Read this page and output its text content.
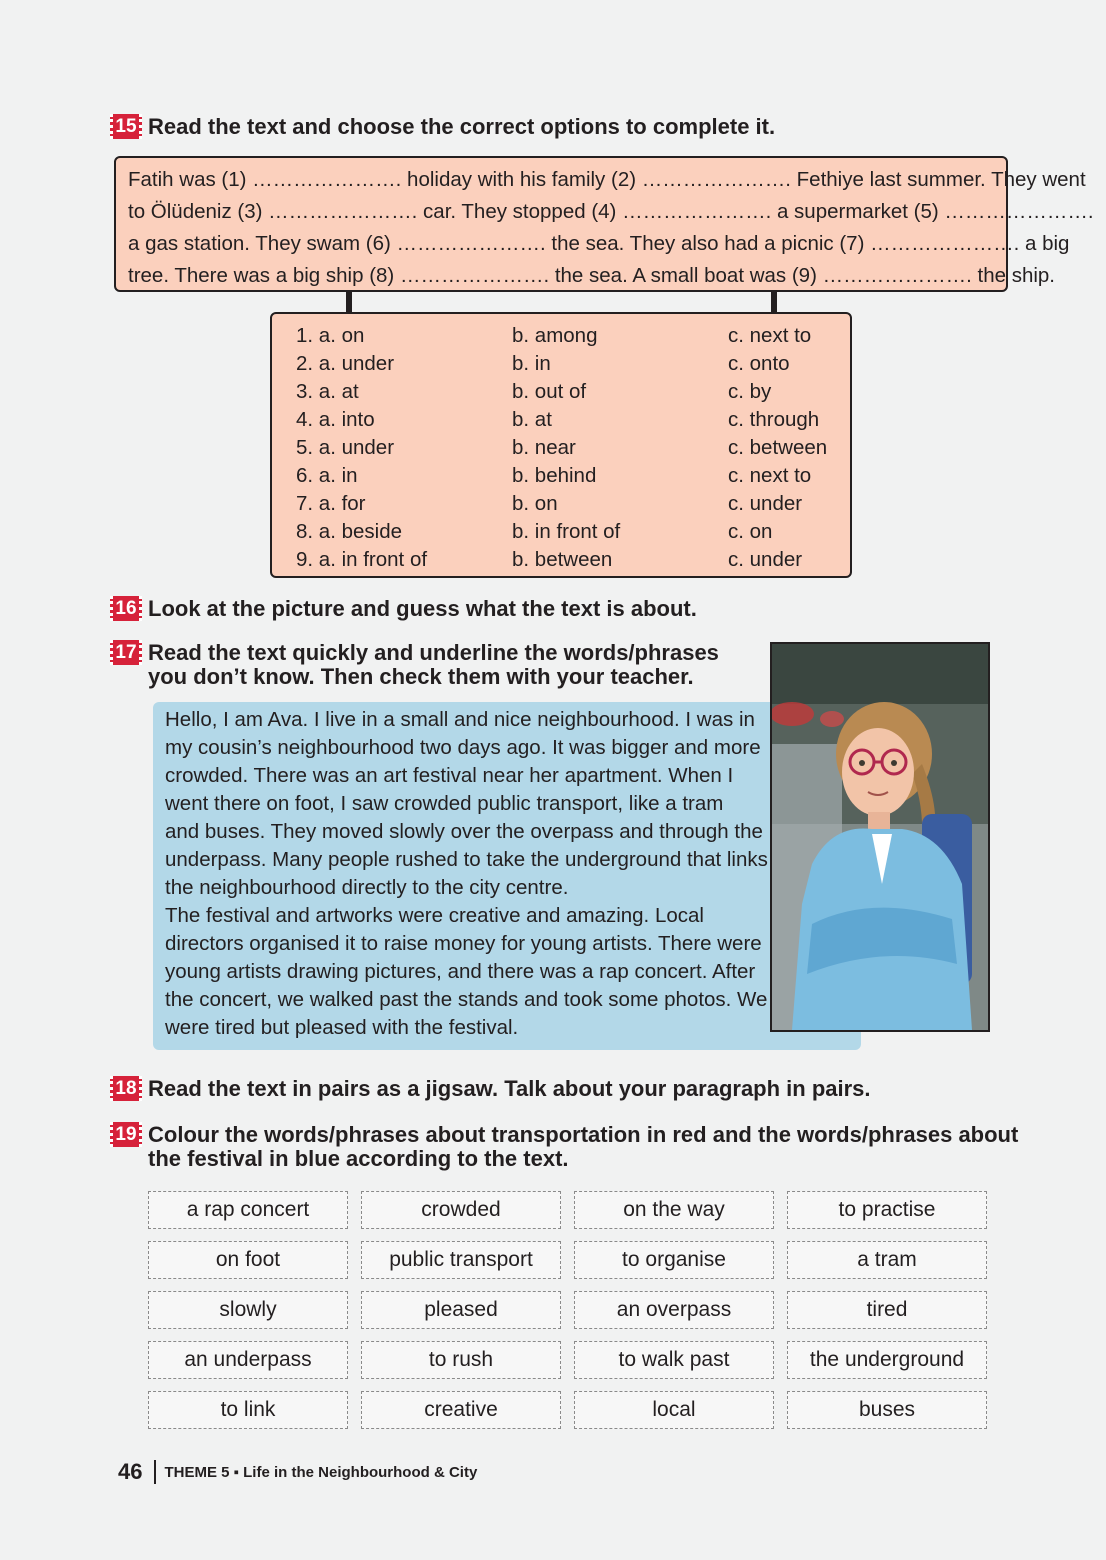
15 Read the text and choose the correct options to complete it.
Fatih was (1) …………………. holiday with his family (2) …………………. Fethiye last summer. They went
to Ölüdeniz (3) …………………. car. They stopped (4) …………………. a supermarket (5) ………………….
a gas station. They swam (6) …………………. the sea. They also had a picnic (7) …………………. a big
tree. There was a big ship (8) …………………. the sea. A small boat was (9) …………………. the ship.
1. a. on	b. among	c. next to
2. a. under	b. in	c. onto
3. a. at	b. out of	c. by
4. a. into	b. at	c. through
5. a. under	b. near	c. between
6. a. in	b. behind	c. next to
7. a. for	b. on	c. under
8. a. beside	b. in front of	c. on
9. a. in front of	b. between	c. under
16 Look at the picture and guess what the text is about.
17 Read the text quickly and underline the words/phrases
you don’t know. Then check them with your teacher.
Hello, I am Ava. I live in a small and nice neighbourhood. I was in
my cousin’s neighbourhood two days ago. It was bigger and more
crowded. There was an art festival near her apartment. When I
went there on foot, I saw crowded public transport, like a tram
and buses. They moved slowly over the overpass and through the
underpass. Many people rushed to take the underground that links
the neighbourhood directly to the city centre.
The festival and artworks were creative and amazing. Local
directors organised it to raise money for young artists. There were
young artists drawing pictures, and there was a rap concert. After
the concert, we walked past the stands and took some photos. We
were tired but pleased with the festival.
18 Read the text in pairs as a jigsaw. Talk about your paragraph in pairs.
19 Colour the words/phrases about transportation in red and the words/phrases about
the festival in blue according to the text.
a rap concert	crowded	on the way	to practise
on foot	public transport	to organise	a tram
slowly	pleased	an overpass	tired
an underpass	to rush	to walk past	the underground
to link	creative	local	buses
46 THEME 5 ▪ Life in the Neighbourhood & City
